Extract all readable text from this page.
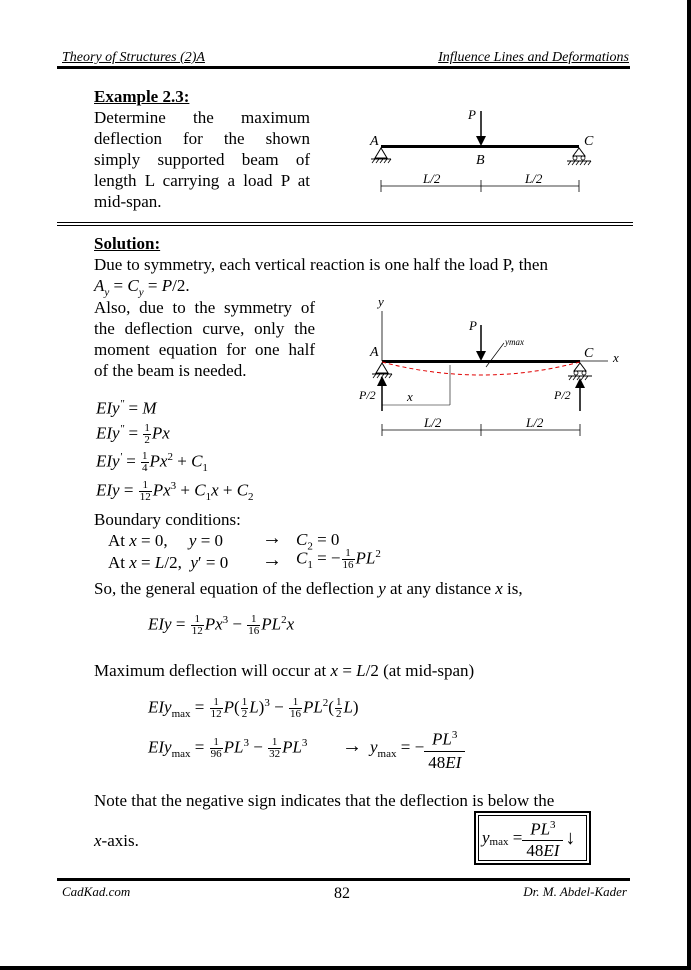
Theory of Structures (2)A	Influence Lines and Deformations
Example 2.3:
Determine the maximum
deflection for the shown
simply supported beam of
length L carrying a load P at
mid-span.
P
A	C
B
L/2	L/2
Solution:
Due to symmetry, each vertical reaction is one half the load P, then
$A_y = C_y = P/2$.
Also, due to the symmetry of
the deflection curve, only the
moment equation for one half
of the beam is needed.
y
P
ymax
A	C x
P/2	P/2
x
L/2	L/2
EIy" = M
$EIy^" = \frac{1}{2}$ Px
$EIy' = \frac{1}{4} Px^2 + C_1$
EIy = $\frac{1}{12} Px^3 + C_1x + C_2$
Boundary conditions:
At x = 0,     $y = 0 \to C_2 = 0$
At x = L/2,  $y' = 0 \to C_1$ = − $\frac{1}{16} PL^2$
So, the general equation of the deflection y at any distance x is,
EIy = $\frac{1}{12} Px^3 - \frac{1}{16} PL^2x$
Maximum deflection will occur at x = L/2 (at mid-span)
$EIy_{max} = \frac{1}{12} P( \frac{1}{2} L)^3 - \frac{1}{16} PL^2( \frac{1}{2} L)$
$EIy_{max} = \frac{1}{96} PL^3 - \frac{1}{32} PL^3 \to y_{max}$ = − $\frac{PL^3}{48EI}$
Note that the negative sign indicates that the deflection is below the
x-axis.	y $\max = \frac{PL^3}{48EI}$ ↓
CadKad.com	82	Dr. M. Abdel-Kader
